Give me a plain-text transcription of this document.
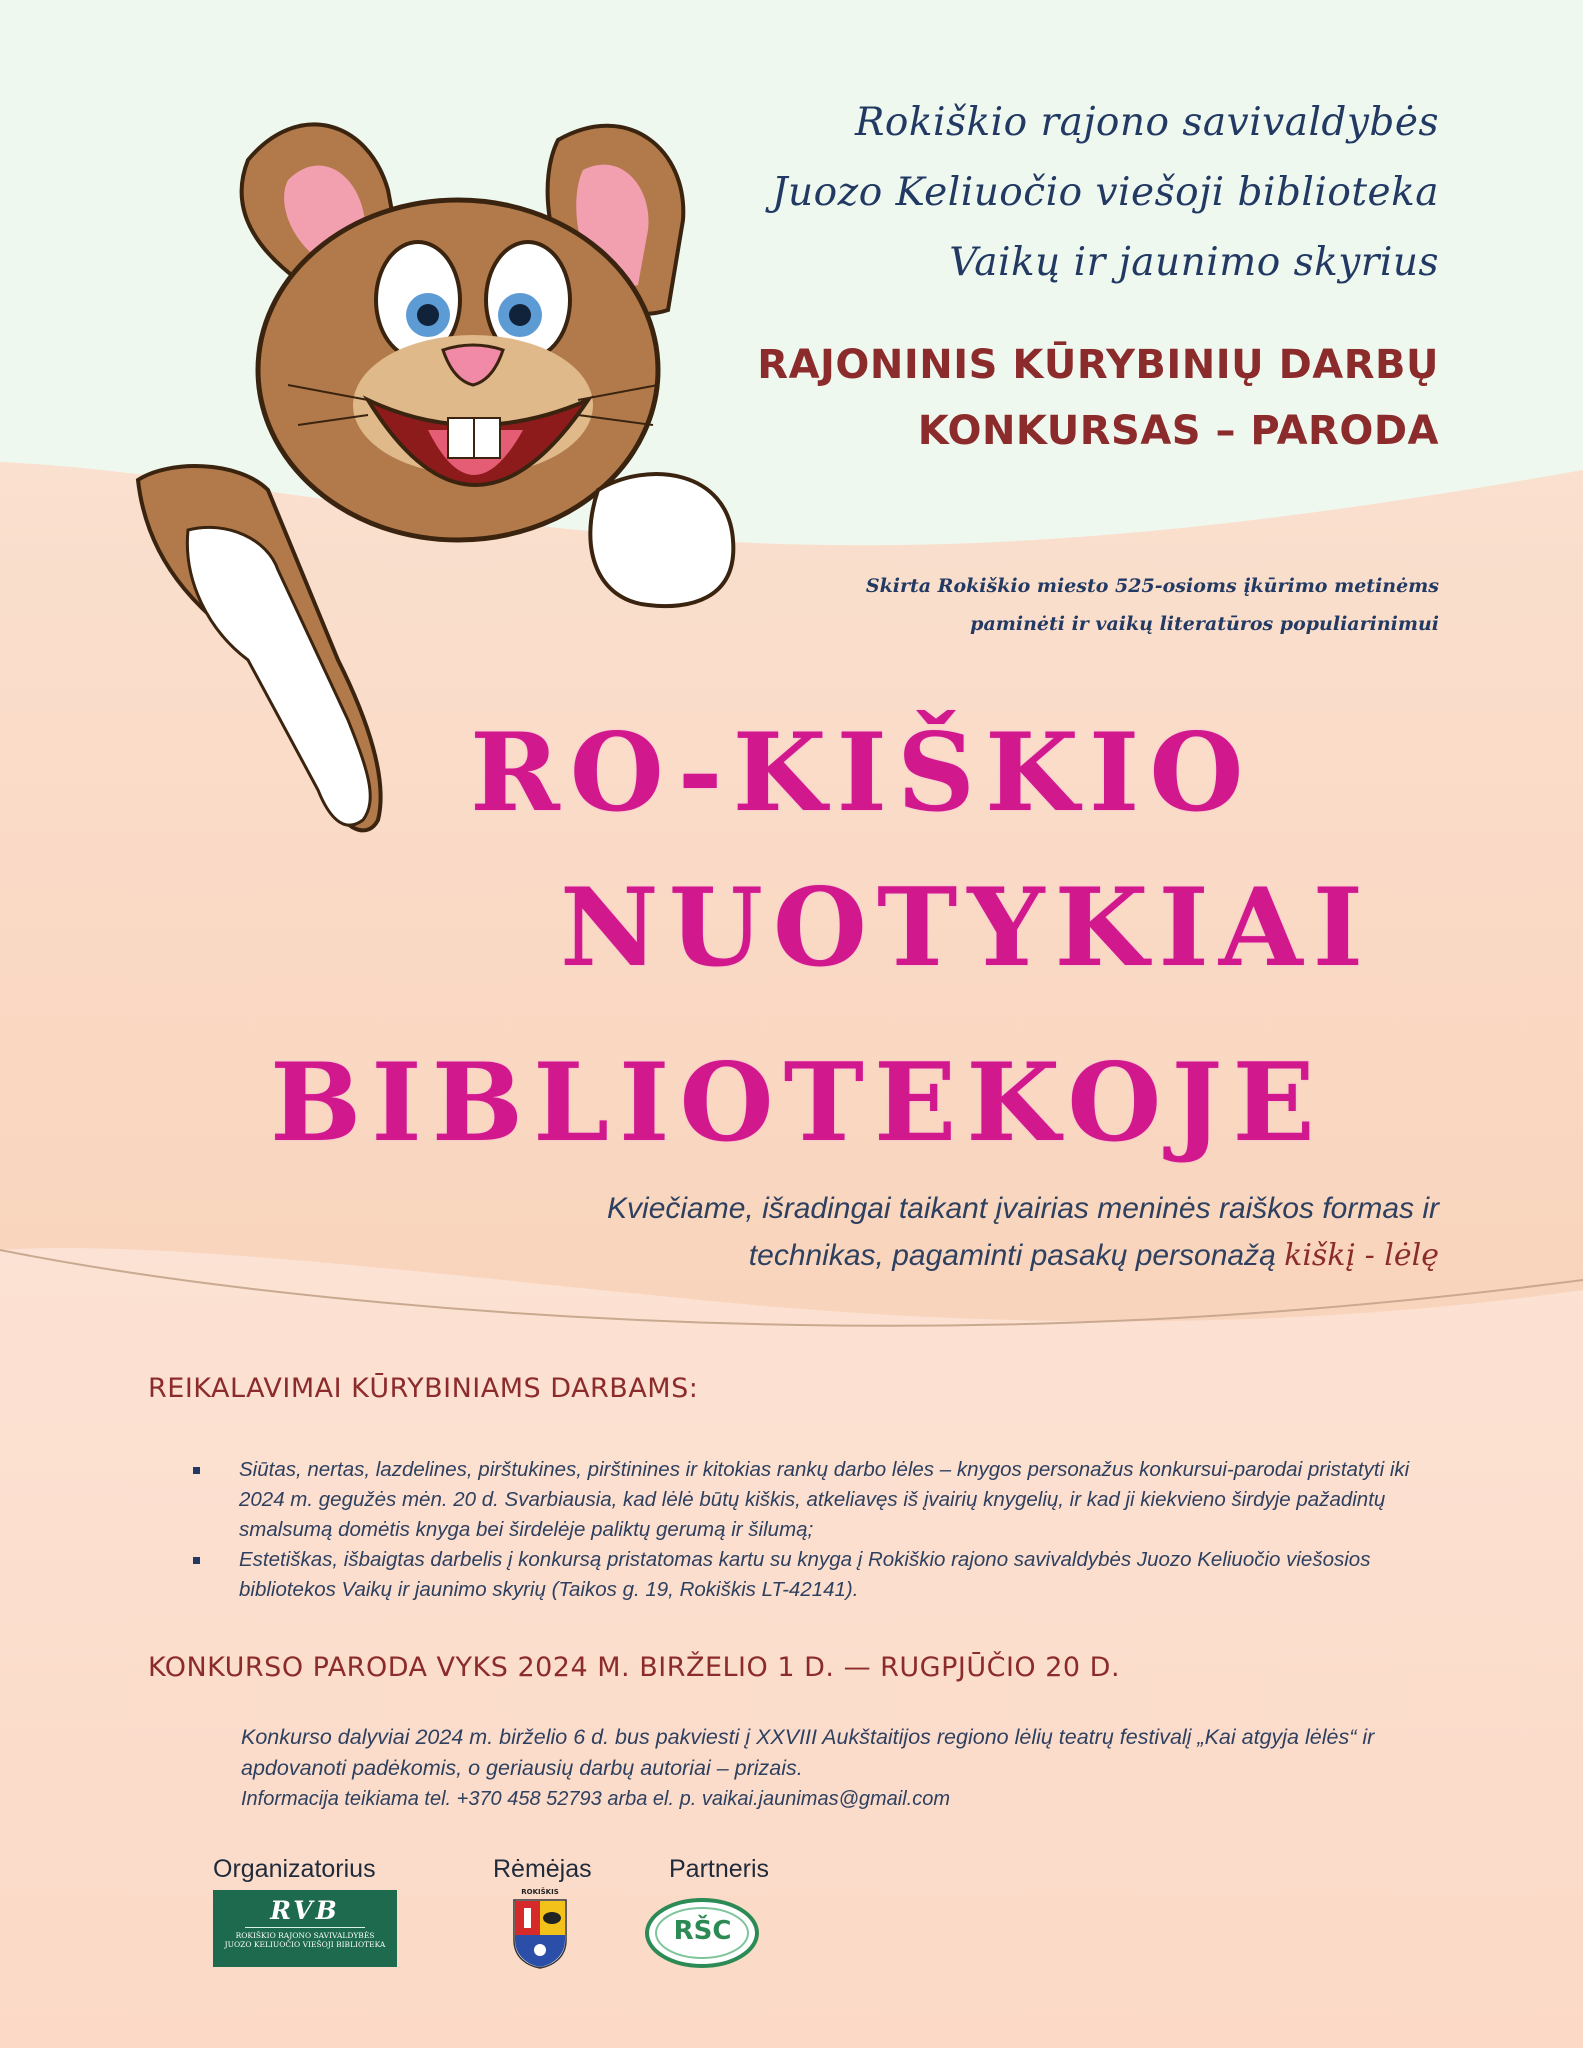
Rokiškio rajono savivaldybės
Juozo Keliuočio viešoji biblioteka
Vaikų ir jaunimo skyrius
RAJONINIS KŪRYBINIŲ DARBŲ
KONKURSAS – PARODA
Skirta Rokiškio miesto 525-osioms įkūrimo metinėms
paminėti ir vaikų literatūros populiarinimui
RO-KIŠKIO
NUOTYKIAI
BIBLIOTEKOJE
Kviečiame, išradingai taikant įvairias meninės raiškos formas ir
technikas, pagaminti pasakų personažą kiškį - lėlę
REIKALAVIMAI KŪRYBINIAMS DARBAMS:
Siūtas, nertas, lazdelines, pirštukines, pirštinines ir kitokias rankų darbo lėles – knygos personažus konkursui-parodai pristatyti iki 2024 m. gegužės mėn. 20 d. Svarbiausia, kad lėlė būtų kiškis, atkeliavęs iš įvairių knygelių, ir kad ji kiekvieno širdyje pažadintų smalsumą domėtis knyga bei širdelėje paliktų gerumą ir šilumą;
Estetiškas, išbaigtas darbelis į konkursą pristatomas kartu su knyga į Rokiškio rajono savivaldybės Juozo Keliuočio viešosios bibliotekos Vaikų ir jaunimo skyrių (Taikos g. 19, Rokiškis LT-42141).
KONKURSO PARODA VYKS 2024 M. BIRŽELIO 1 D. — RUGPJŪČIO 20 D.
Konkurso dalyviai 2024 m. birželio 6 d. bus pakviesti į XXVIII Aukštaitijos regiono lėlių teatrų festivalį „Kai atgyja lėlės“ ir apdovanoti padėkomis, o geriausių darbų autoriai – prizais.
Informacija teikiama tel. +370 458 52793 arba el. p. vaikai.jaunimas@gmail.com
Organizatorius	Rėmėjas	Partneris
RVB
ROKIŠKIO RAJONO SAVIVALDYBĖS
JUOZO KELIUOČIO VIEŠOJI BIBLIOTEKA
ROKIŠKIS
RŠC
